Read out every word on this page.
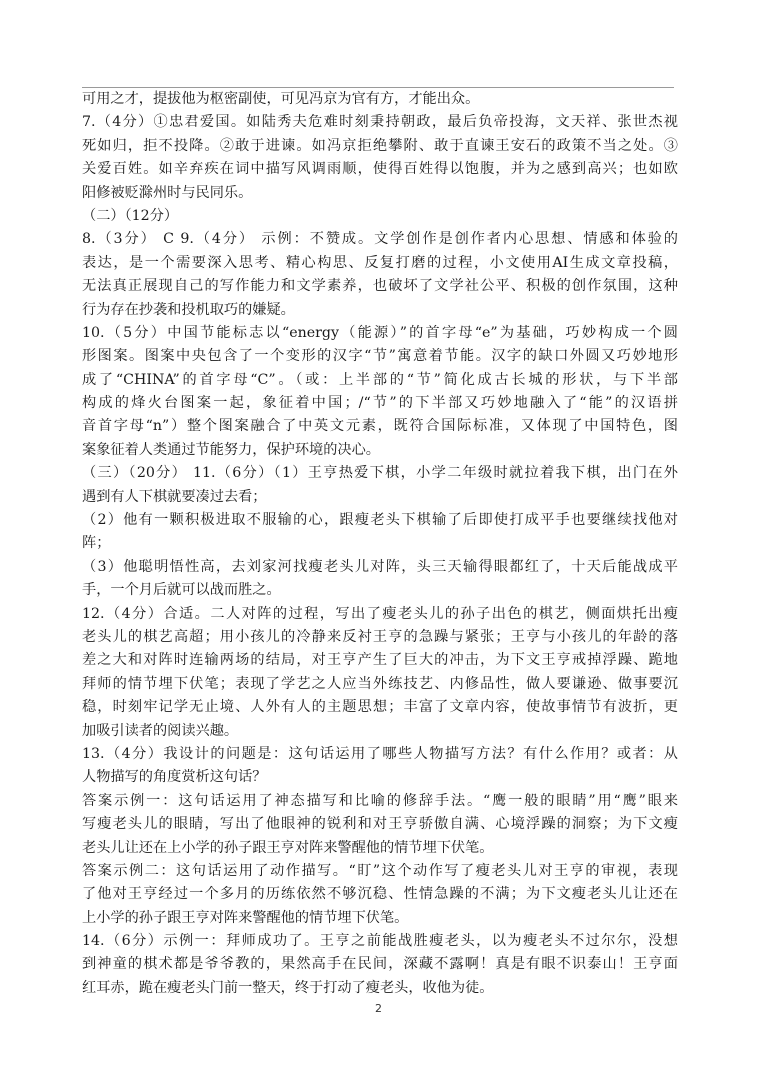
可用之才，提拔他为枢密副使，可见冯京为官有方，才能出众。
7.（4分）①忠君爱国。如陆秀夫危难时刻秉持朝政，最后负帝投海，文天祥、张世杰视
死如归，拒不投降。②敢于进谏。如冯京拒绝攀附、敢于直谏王安石的政策不当之处。③
关爱百姓。如辛弃疾在词中描写风调雨顺，使得百姓得以饱腹，并为之感到高兴；也如欧
阳修被贬滁州时与民同乐。
（二）（12分）
8.（3分） C 9.（4分） 示例：不赞成。文学创作是创作者内心思想、情感和体验的
表达，是一个需要深入思考、精心构思、反复打磨的过程，小文使用AI生成文章投稿，
无法真正展现自己的写作能力和文学素养，也破坏了文学社公平、积极的创作氛围，这种
行为存在抄袭和投机取巧的嫌疑。
10.（5分）中国节能标志以“energy（能源）”的首字母“e”为基础，巧妙构成一个圆
形图案。图案中央包含了一个变形的汉字“节”寓意着节能。汉字的缺口外圆又巧妙地形
成了“CHINA”的首字母“C”。（或：上半部的“节”简化成古长城的形状，与下半部
构成的烽火台图案一起，象征着中国；/“节”的下半部又巧妙地融入了“能”的汉语拼
音首字母“n”）整个图案融合了中英文元素，既符合国际标准，又体现了中国特色，图
案象征着人类通过节能努力，保护环境的决心。
（三）（20分） 11.（6分）（1）王亨热爱下棋，小学二年级时就拉着我下棋，出门在外
遇到有人下棋就要凑过去看；
（2）他有一颗积极进取不服输的心，跟瘦老头下棋输了后即使打成平手也要继续找他对
阵；
（3）他聪明悟性高，去刘家河找瘦老头儿对阵，头三天输得眼都红了，十天后能战成平
手，一个月后就可以战而胜之。
12.（4分）合适。二人对阵的过程，写出了瘦老头儿的孙子出色的棋艺，侧面烘托出瘦
老头儿的棋艺高超；用小孩儿的冷静来反衬王亨的急躁与紧张；王亨与小孩儿的年龄的落
差之大和对阵时连输两场的结局，对王亨产生了巨大的冲击，为下文王亨戒掉浮躁、跪地
拜师的情节埋下伏笔；表现了学艺之人应当外练技艺、内修品性，做人要谦逊、做事要沉
稳，时刻牢记学无止境、人外有人的主题思想；丰富了文章内容，使故事情节有波折，更
加吸引读者的阅读兴趣。
13.（4分）我设计的问题是：这句话运用了哪些人物描写方法？有什么作用？或者：从
人物描写的角度赏析这句话？
答案示例一：这句话运用了神态描写和比喻的修辞手法。“鹰一般的眼睛”用“鹰”眼来
写瘦老头儿的眼睛，写出了他眼神的锐利和对王亨骄傲自满、心境浮躁的洞察；为下文瘦
老头儿让还在上小学的孙子跟王亨对阵来警醒他的情节埋下伏笔。
答案示例二：这句话运用了动作描写。“盯”这个动作写了瘦老头儿对王亨的审视，表现
了他对王亨经过一个多月的历练依然不够沉稳、性情急躁的不满；为下文瘦老头儿让还在
上小学的孙子跟王亨对阵来警醒他的情节埋下伏笔。
14.（6分）示例一：拜师成功了。王亨之前能战胜瘦老头，以为瘦老头不过尔尔，没想
到神童的棋术都是爷爷教的，果然高手在民间，深藏不露啊！真是有眼不识泰山！王亨面
红耳赤，跪在瘦老头门前一整天，终于打动了瘦老头，收他为徒。
2
